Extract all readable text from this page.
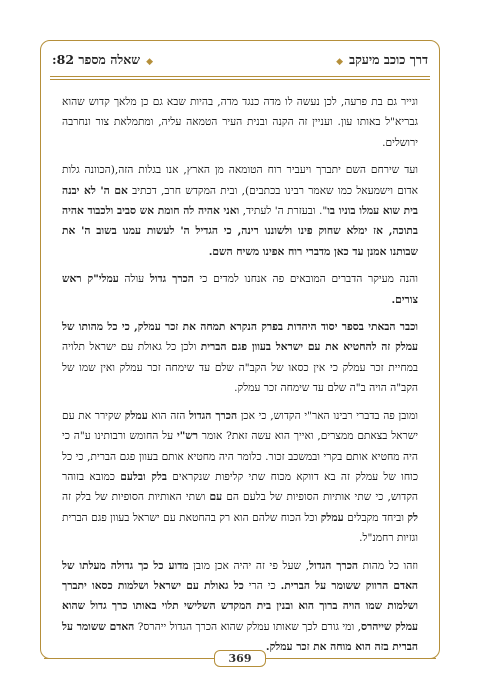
◆שאלה מספר 82:	דרך כוכב מיעקב◆

וגייר גם בת פרעה, לכן נעשה לו מדה כנגד מדה, בהיות שבא גם כן מלאך קדוש שהוא גבריא"ל באותו עון. ועניין זה הקנה ובנית העיר הטמאה עליה, ומתמלאת צור ונחרבה ירושלים.

ועד שירחם השם יתברך ויעביר רוח הטומאה מן הארץ, אנו בגלות הזה,(הכוונה גלות אדום וישמעאל כמו שאמר רבינו בכתבים), ובית המקדש חרב, דכתיב אם ה' לא יבנה בית שוא עמלו בוניו בו". ובעזרת ה' לעתיד, ואני אהיה לה חומת אש סביב ולכבוד אהיה בתוכה, אז ימלא שחוק פינו ולשוננו רינה, כי הגדיל ה' לעשות עמנו בשוב ה' את שבותנו אמנן עד כאן מדברי רוח אפינו משיח השם.

והנה מעיקר הדברים המובאים פה אנחנו למדים כי הכרך גדול עולה עמלי"ק ראש צורים.

וכבר הבאתי בספר יסוד היהדות בפרק הנקרא תמחה את זכר עמלק, כי כל מהותו של עמלק זה להחטיא את עם ישראל בעוון פגם הברית ולכן כל גאולת עם ישראל תלויה במחיית זכר עמלק כי אין כסאו של הקב"ה שלם עד שימחה זכר עמלק ואין שמו של הקב"ה הויה ב"ה שלם עד שימחה זכר עמלק.

ומובן פה בדברי רבינו האר"י הקדוש, כי אכן הכרך הגדול הזה הוא עמלק שקירר את עם ישראל בצאתם ממצרים, ואייך הוא עשה זאת? אומר רש"י על החומש ורבותינו ע"ה כי היה מחטיא אותם בקרי ובמשכב זכור. כלומר היה מחטיא אותם בעוון פגם הברית, כי כל כוחו של עמלק זה בא דווקא מכוח שתי קליפות שנקראים בלק ובלעם כמובא בזוהר הקדוש, כי שתי אותיות הסופיות של בלעם הם עם ושתי האותיות הסופיות של בלק זה לק וביחד מקבלים עמלק וכל הכוח שלהם הוא רק בהחטאת עם ישראל בעוון פגם הברית וגזיות רחמנ"ל.

וזהו כל מהות הכרך הגדול, שעל פי זה יהיה אכן מובן מדוע כל כך גדולה מעלתו של האדם הרווק ששומר על הברית. כי הרי כל גאולת עם ישראל ושלמות כסאו יתברך ושלמות שמו הויה ברוך הוא ובנין בית המקדש השלישי תלוי באותו כרך גדול שהוא עמלק שייהרס, ומי גורם לכך שאותו עמלק שהוא הכרך הגדול ייהרס? האדם ששומר על הברית בזה הוא מוחה את זכר עמלק.

369
